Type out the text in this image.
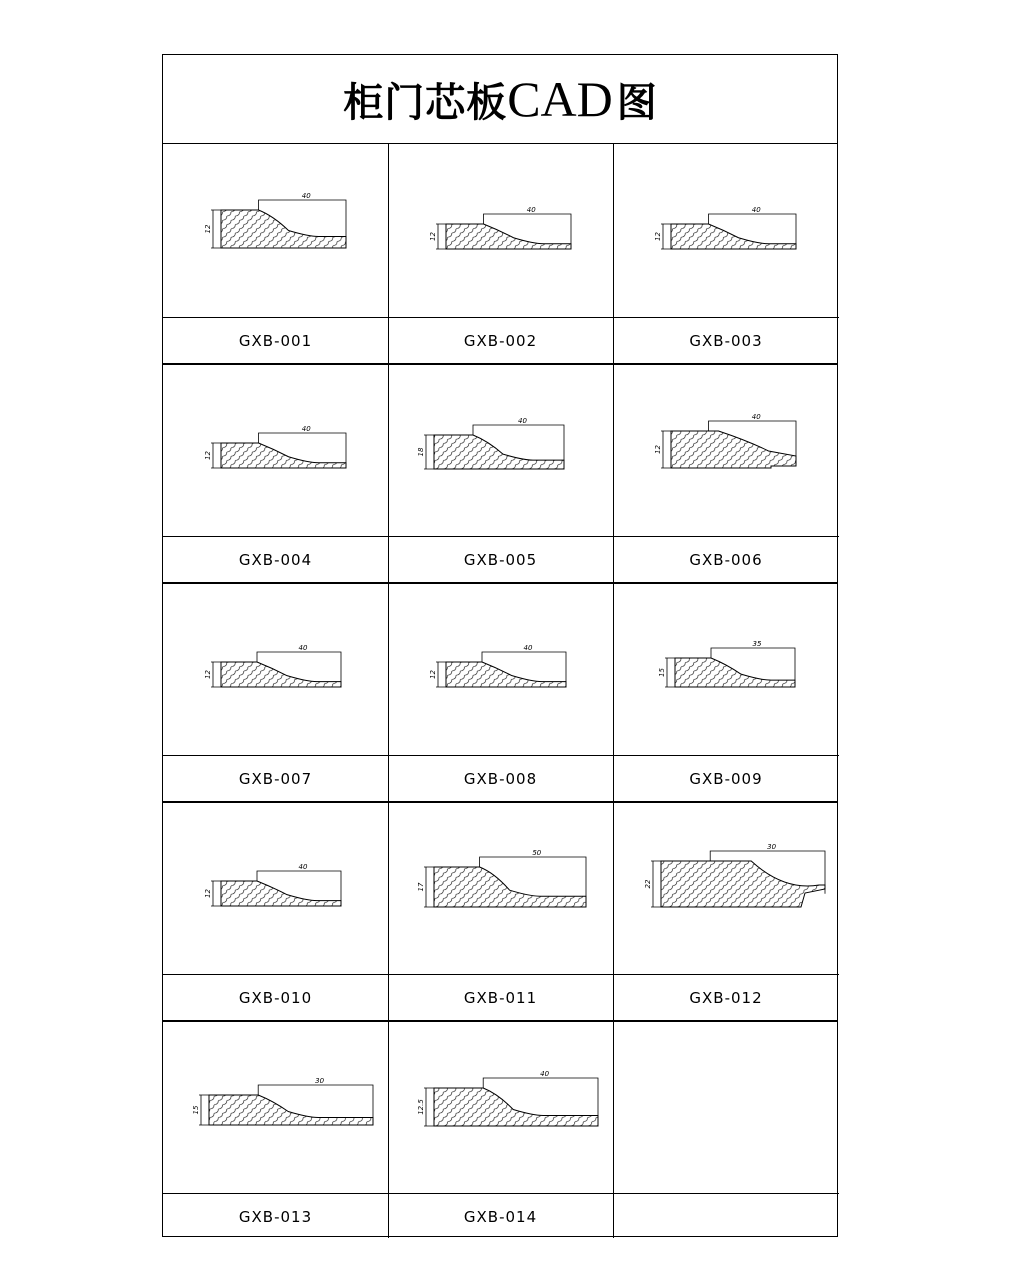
柜门芯板 CAD 图
40
12
GXB-001
40
12
GXB-002
40
12
GXB-003
40
12
GXB-004
40
18
GXB-005
40
12
GXB-006
40
12
GXB-007
40
12
GXB-008
35
15
GXB-009
40
12
GXB-010
50
17
GXB-011
30
22
GXB-012
30
15
GXB-013
40
12.5
GXB-014
